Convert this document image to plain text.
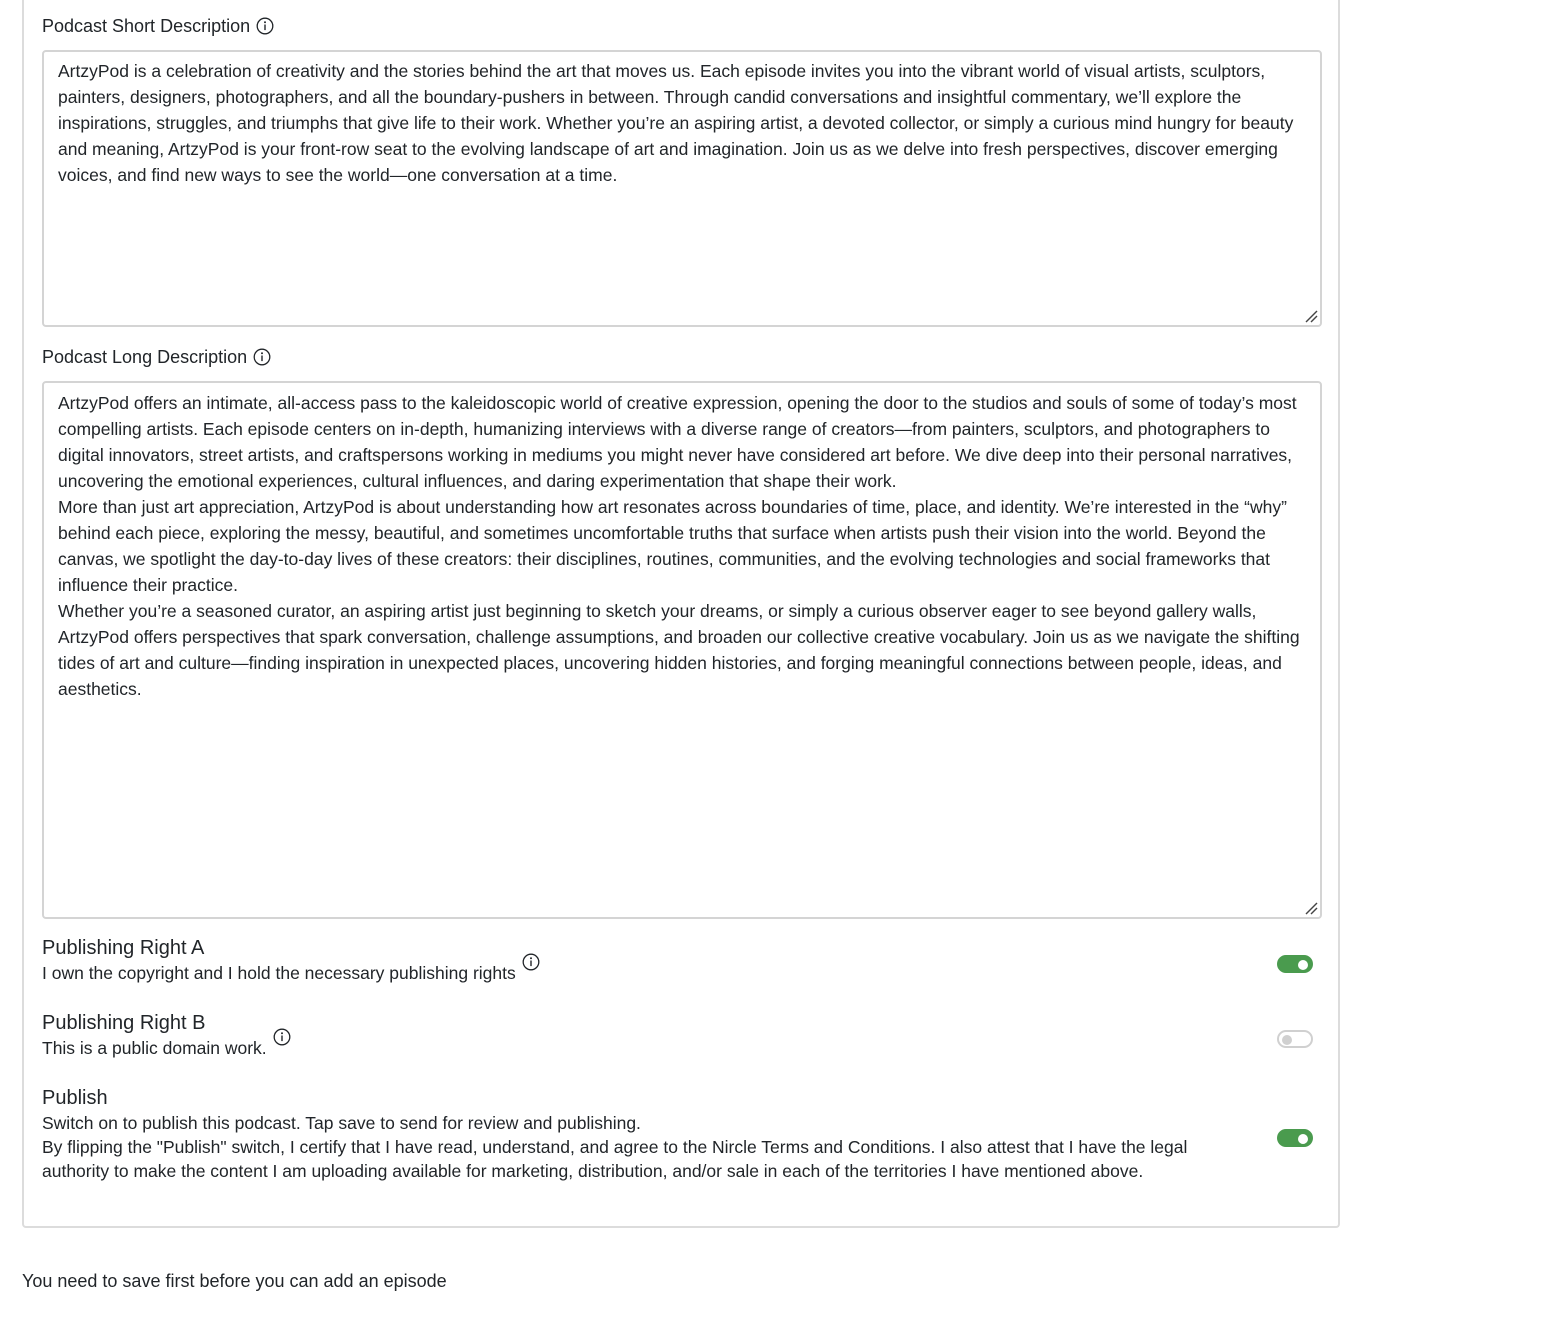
Podcast Short Description

ArtzyPod is a celebration of creativity and the stories behind the art that moves us. Each episode invites you into the vibrant world of visual artists, sculptors, painters, designers, photographers, and all the boundary-pushers in between. Through candid conversations and insightful commentary, we’ll explore the inspirations, struggles, and triumphs that give life to their work. Whether you’re an aspiring artist, a devoted collector, or simply a curious mind hungry for beauty and meaning, ArtzyPod is your front-row seat to the evolving landscape of art and imagination. Join us as we delve into fresh perspectives, discover emerging voices, and find new ways to see the world—one conversation at a time.

Podcast Long Description

ArtzyPod offers an intimate, all-access pass to the kaleidoscopic world of creative expression, opening the door to the studios and souls of some of today’s most compelling artists. Each episode centers on in-depth, humanizing interviews with a diverse range of creators—from painters, sculptors, and photographers to digital innovators, street artists, and craftspersons working in mediums you might never have considered art before. We dive deep into their personal narratives, uncovering the emotional experiences, cultural influences, and daring experimentation that shape their work.

More than just art appreciation, ArtzyPod is about understanding how art resonates across boundaries of time, place, and identity. We’re interested in the “why” behind each piece, exploring the messy, beautiful, and sometimes uncomfortable truths that surface when artists push their vision into the world. Beyond the canvas, we spotlight the day-to-day lives of these creators: their disciplines, routines, communities, and the evolving technologies and social frameworks that influence their practice.

Whether you’re a seasoned curator, an aspiring artist just beginning to sketch your dreams, or simply a curious observer eager to see beyond gallery walls, ArtzyPod offers perspectives that spark conversation, challenge assumptions, and broaden our collective creative vocabulary. Join us as we navigate the shifting tides of art and culture—finding inspiration in unexpected places, uncovering hidden histories, and forging meaningful connections between people, ideas, and aesthetics.

Publishing Right A
I own the copyright and I hold the necessary publishing rights
Publishing Right B
This is a public domain work.
Publish

Switch on to publish this podcast. Tap save to send for review and publishing.

By flipping the "Publish" switch, I certify that I have read, understand, and agree to the Nircle Terms and Conditions. I also attest that I have the legal authority to make the content I am uploading available for marketing, distribution, and/or sale in each of the territories I have mentioned above.

You need to save first before you can add an episode
